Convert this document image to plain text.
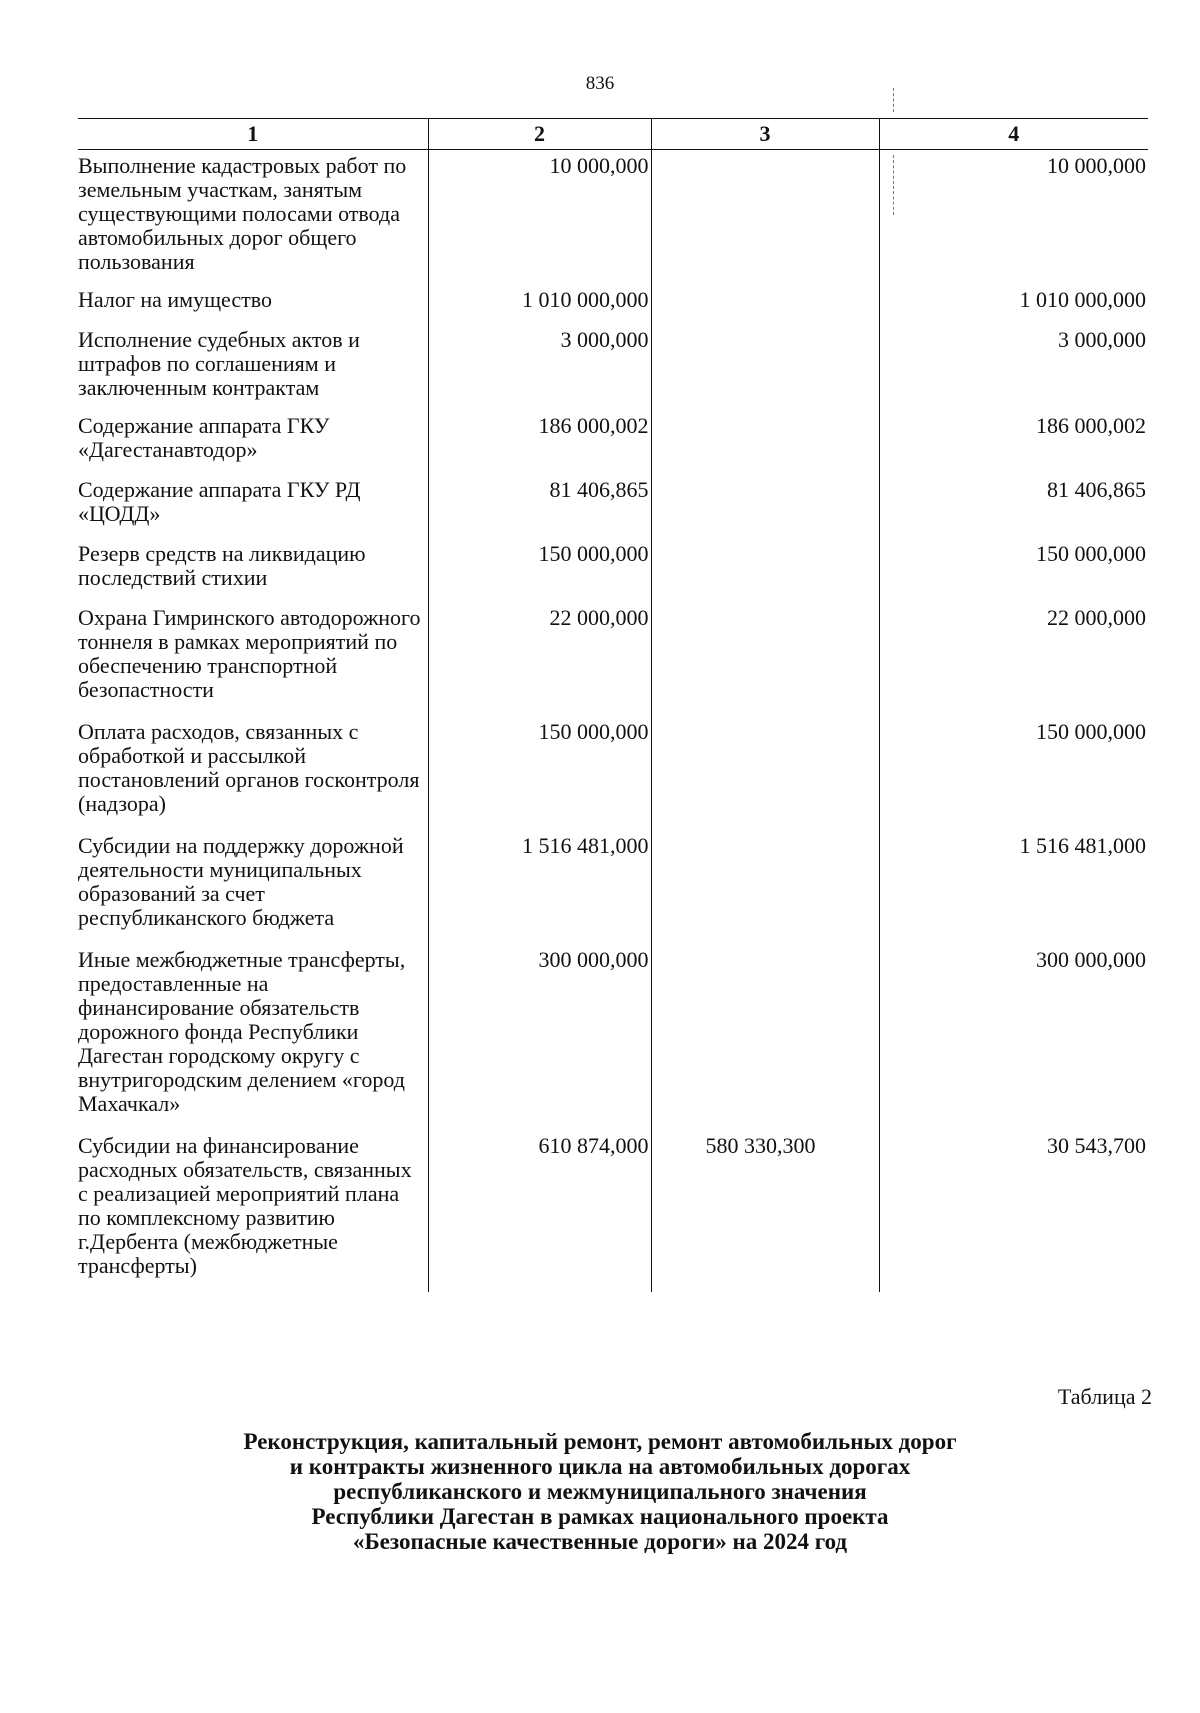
836
1	2	3	4
Выполнение кадастровых работ по земельным участкам, занятым существующими полосами отвода автомобильных дорог общего пользования	10 000,000		10 000,000
Налог на имущество	1 010 000,000		1 010 000,000
Исполнение судебных актов и штрафов по соглашениям и заключенным контрактам	3 000,000		3 000,000
Содержание аппарата ГКУ «Дагестанавтодор»	186 000,002		186 000,002
Содержание аппарата ГКУ РД «ЦОДД»	81 406,865		81 406,865
Резерв средств на ликвидацию последствий стихии	150 000,000		150 000,000
Охрана Гимринского автодорожного тоннеля в рамках мероприятий по обеспечению транспортной безопастности	22 000,000		22 000,000
Оплата расходов, связанных с обработкой и рассылкой постановлений органов госконтроля (надзора)	150 000,000		150 000,000
Субсидии на поддержку дорожной деятельности муниципальных образований за счет республиканского бюджета	1 516 481,000		1 516 481,000
Иные межбюджетные трансферты, предоставленные на финансирование обязательств дорожного фонда Республики Дагестан городскому округу с внутригородским делением «город Махачкал»	300 000,000		300 000,000
Субсидии на финансирование расходных обязательств, связанных с реализацией мероприятий плана по комплексному развитию г.Дербента (межбюджетные трансферты)	610 874,000	580 330,300	30 543,700
Таблица 2
Реконструкция, капитальный ремонт, ремонт автомобильных дорог
и контракты жизненного цикла на автомобильных дорогах
республиканского и межмуниципального значения
Республики Дагестан в рамках национального проекта
«Безопасные качественные дороги» на 2024 год
